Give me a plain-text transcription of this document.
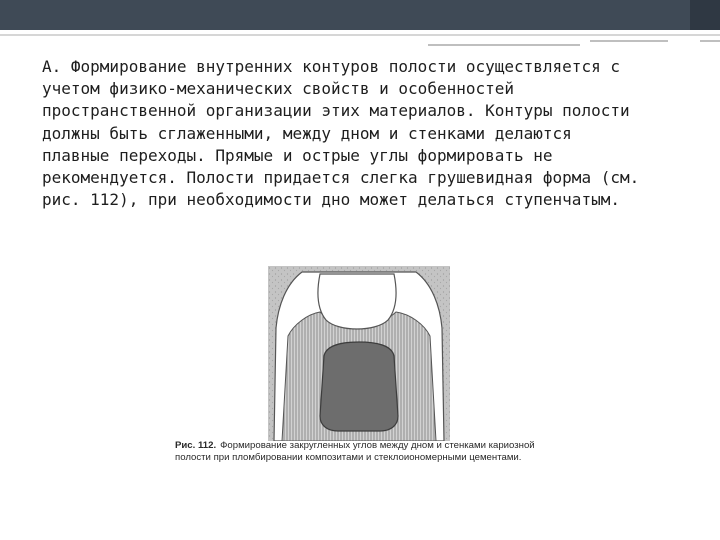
А. Формирование внутренних контуров полости осуществляется с
учетом физико-механических свойств и особенностей
пространственной организации этих материалов. Контуры полости
должны быть сглаженными, между дном и стенками делаются
плавные переходы. Прямые и острые углы формировать не
рекомендуется. Полости придается слегка грушевидная форма (см.
рис. 112), при необходимости дно может делаться ступенчатым.

Рис. 112. Формирование закругленных углов между дном и стенками кариозной полости при пломбировании композитами и стеклоиономерными цементами.
